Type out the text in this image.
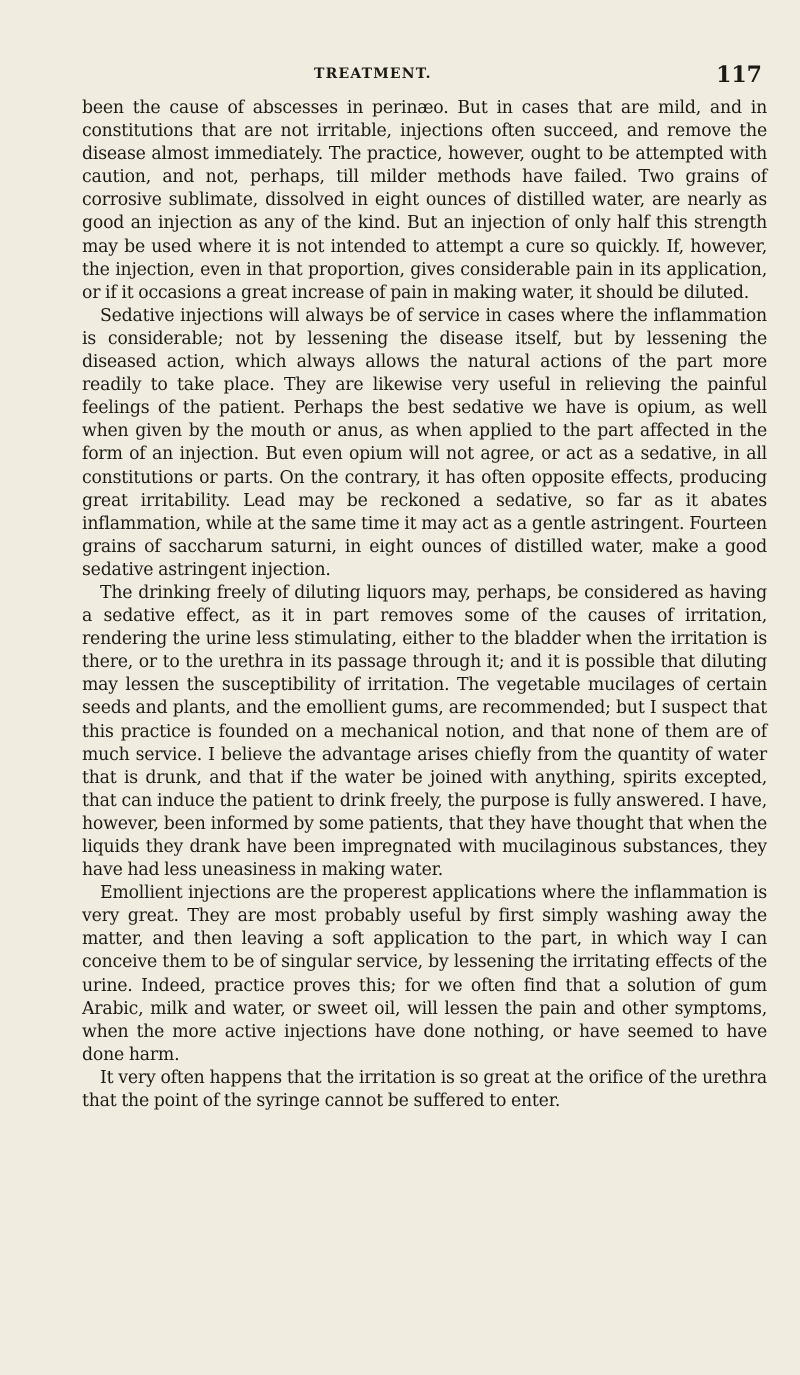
TREATMENT.	117

been the cause of abscesses in perinæo. But in cases that are mild, and in constitutions that are not irritable, injections often succeed, and remove the disease almost immediately. The practice, however, ought to be attempted with caution, and not, perhaps, till milder methods have failed. Two grains of corrosive sublimate, dissolved in eight ounces of distilled water, are nearly as good an injection as any of the kind. But an injection of only half this strength may be used where it is not intended to attempt a cure so quickly. If, however, the injection, even in that proportion, gives considerable pain in its application, or if it occasions a great increase of pain in making water, it should be diluted.

Sedative injections will always be of service in cases where the inflammation is considerable; not by lessening the disease itself, but by lessening the diseased action, which always allows the natural actions of the part more readily to take place. They are likewise very useful in relieving the painful feelings of the patient. Perhaps the best sedative we have is opium, as well when given by the mouth or anus, as when applied to the part affected in the form of an injection. But even opium will not agree, or act as a sedative, in all constitutions or parts. On the contrary, it has often opposite effects, producing great irritability. Lead may be reckoned a sedative, so far as it abates inflammation, while at the same time it may act as a gentle astringent. Fourteen grains of saccharum saturni, in eight ounces of distilled water, make a good sedative astringent injection.

The drinking freely of diluting liquors may, perhaps, be considered as having a sedative effect, as it in part removes some of the causes of irritation, rendering the urine less stimulating, either to the bladder when the irritation is there, or to the urethra in its passage through it; and it is possible that diluting may lessen the susceptibility of irritation. The vegetable mucilages of certain seeds and plants, and the emollient gums, are recommended; but I suspect that this practice is founded on a mechanical notion, and that none of them are of much service. I believe the advantage arises chiefly from the quantity of water that is drunk, and that if the water be joined with anything, spirits excepted, that can induce the patient to drink freely, the purpose is fully answered. I have, however, been informed by some patients, that they have thought that when the liquids they drank have been impregnated with mucilaginous substances, they have had less uneasiness in making water.

Emollient injections are the properest applications where the inflammation is very great. They are most probably useful by first simply washing away the matter, and then leaving a soft application to the part, in which way I can conceive them to be of singular service, by lessening the irritating effects of the urine. Indeed, practice proves this; for we often find that a solution of gum Arabic, milk and water, or sweet oil, will lessen the pain and other symptoms, when the more active injections have done nothing, or have seemed to have done harm.

It very often happens that the irritation is so great at the orifice of the urethra that the point of the syringe cannot be suffered to enter.
